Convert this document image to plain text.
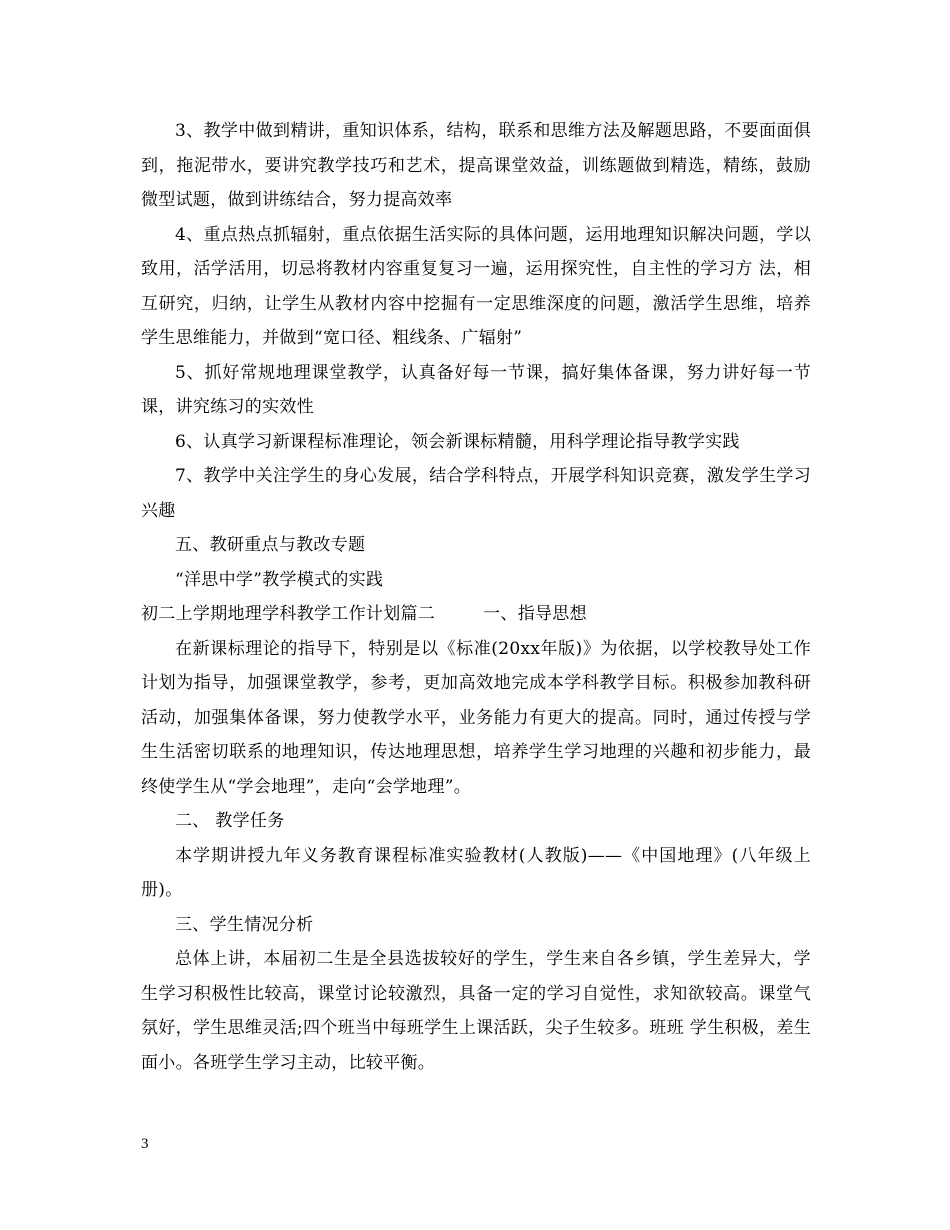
3、教学中做到精讲，重知识体系，结构，联系和思维方法及解题思路，不要面面俱到，拖泥带水，要讲究教学技巧和艺术，提高课堂效益，训练题做到精选，精练，鼓励微型试题，做到讲练结合，努力提高效率

4、重点热点抓辐射，重点依据生活实际的具体问题，运用地理知识解决问题，学以致用，活学活用，切忌将教材内容重复复习一遍，运用探究性，自主性的学习方 法，相互研究，归纳，让学生从教材内容中挖掘有一定思维深度的问题，激活学生思维，培养学生思维能力，并做到“宽口径、粗线条、广辐射”

5、抓好常规地理课堂教学，认真备好每一节课，搞好集体备课，努力讲好每一节课，讲究练习的实效性

6、认真学习新课程标准理论，领会新课标精髓，用科学理论指导教学实践

7、教学中关注学生的身心发展，结合学科特点，开展学科知识竞赛，激发学生学习兴趣

五、教研重点与教改专题

“洋思中学”教学模式的实践

初二上学期地理学科教学工作计划篇二	一、指导思想

在新课标理论的指导下，特别是以《标准(20xx年版)》为依据，以学校教导处工作计划为指导，加强课堂教学，参考，更加高效地完成本学科教学目标。积极参加教科研活动，加强集体备课，努力使教学水平，业务能力有更大的提高。同时，通过传授与学生生活密切联系的地理知识，传达地理思想，培养学生学习地理的兴趣和初步能力，最终使学生从“学会地理”，走向“会学地理”。

二、 教学任务

本学期讲授九年义务教育课程标准实验教材(人教版)——《中国地理》(八年级上册)。

三、学生情况分析

总体上讲，本届初二生是全县选拔较好的学生，学生来自各乡镇，学生差异大，学生学习积极性比较高，课堂讨论较激烈，具备一定的学习自觉性，求知欲较高。课堂气氛好，学生思维灵活;四个班当中每班学生上课活跃，尖子生较多。班班 学生积极，差生面小。各班学生学习主动，比较平衡。

3
